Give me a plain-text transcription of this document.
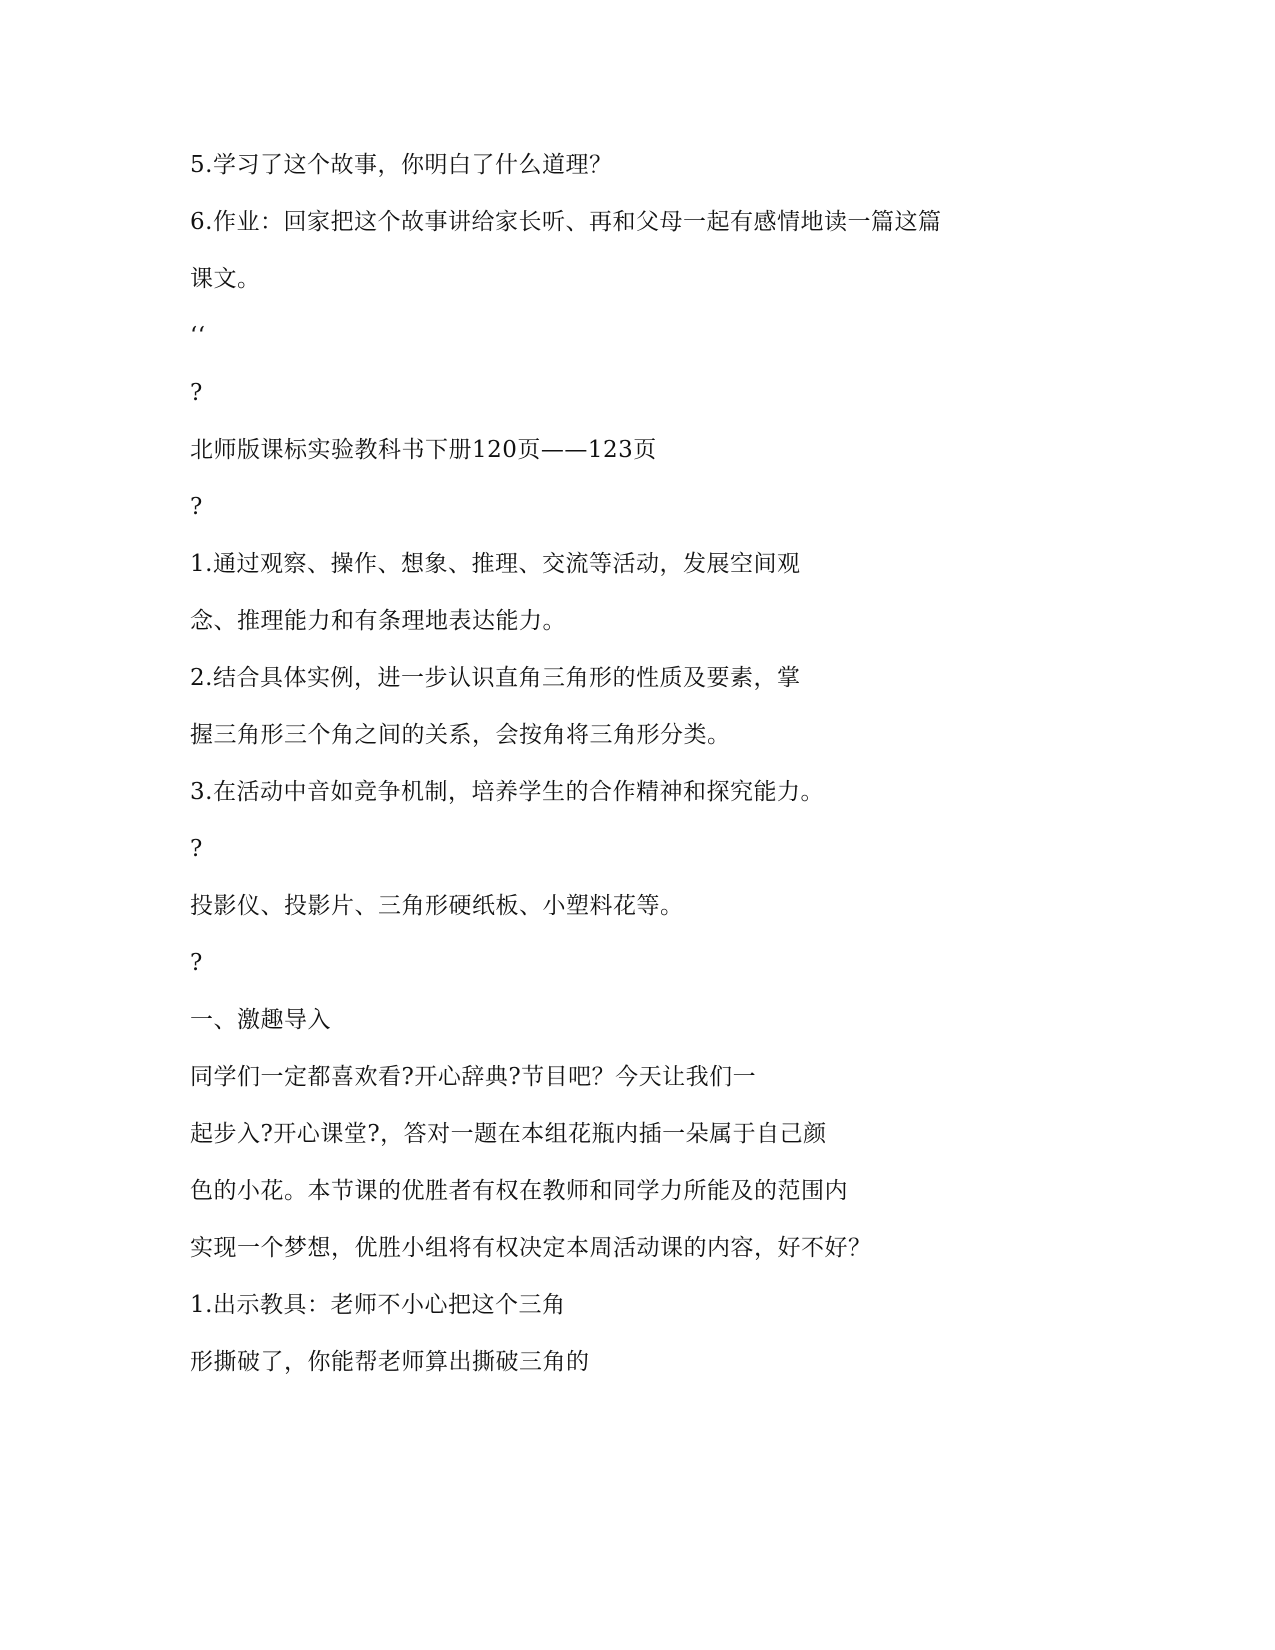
5.学习了这个故事，你明白了什么道理？
6.作业：回家把这个故事讲给家长听、再和父母一起有感情地读一篇这篇
课文。
‘‘
?
北师版课标实验教科书下册120页——123页
?
1.通过观察、操作、想象、推理、交流等活动，发展空间观
念、推理能力和有条理地表达能力。
2.结合具体实例，进一步认识直角三角形的性质及要素，掌
握三角形三个角之间的关系，会按角将三角形分类。
3.在活动中音如竞争机制，培养学生的合作精神和探究能力。
?
投影仪、投影片、三角形硬纸板、小塑料花等。
?
一、激趣导入
同学们一定都喜欢看?开心辞典?节目吧？今天让我们一
起步入?开心课堂?，答对一题在本组花瓶内插一朵属于自己颜
色的小花。本节课的优胜者有权在教师和同学力所能及的范围内
实现一个梦想，优胜小组将有权决定本周活动课的内容，好不好？
1.出示教具：老师不小心把这个三角
形撕破了，你能帮老师算出撕破三角的
